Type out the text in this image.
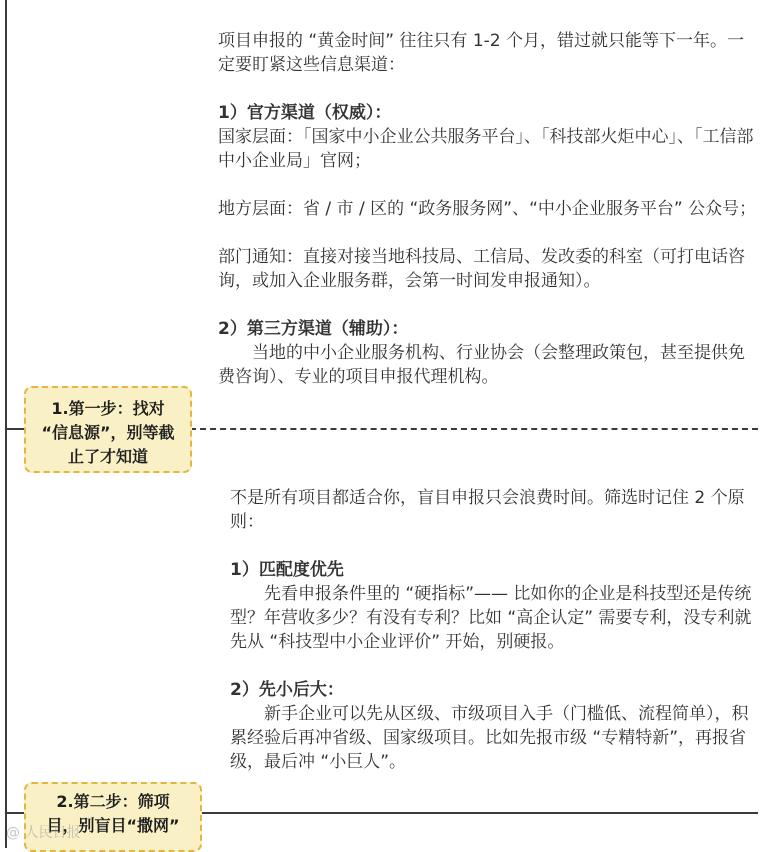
1.第一步：找对
“信息源”，别等截
止了才知道
2.第二步：筛项
目，别盲目“撒网”

项目申报的 “黄金时间” 往往只有 1-2 个月，错过就只能等下一年。一定要盯紧这些信息渠道：

1）官方渠道（权威）：

国家层面：「国家中小企业公共服务平台」、「科技部火炬中心」、「工信部中小企业局」官网；

地方层面：省 / 市 / 区的 “政务服务网”、“中小企业服务平台” 公众号；

部门通知：直接对接当地科技局、工信局、发改委的科室（可打电话咨询，或加入企业服务群，会第一时间发申报通知）。

2）第三方渠道（辅助）：

当地的中小企业服务机构、行业协会（会整理政策包，甚至提供免费咨询）、专业的项目申报代理机构。

不是所有项目都适合你，盲目申报只会浪费时间。筛选时记住 2 个原则：

1）匹配度优先

先看申报条件里的 “硬指标”—— 比如你的企业是科技型还是传统型？年营收多少？有没有专利？比如 “高企认定” 需要专利，没专利就先从 “科技型中小企业评价” 开始，别硬报。

2）先小后大：

新手企业可以先从区级、市级项目入手（门槛低、流程简单），积累经验后再冲省级、国家级项目。比如先报市级 “专精特新”，再报省级，最后冲 “小巨人”。

@ 人民日报
